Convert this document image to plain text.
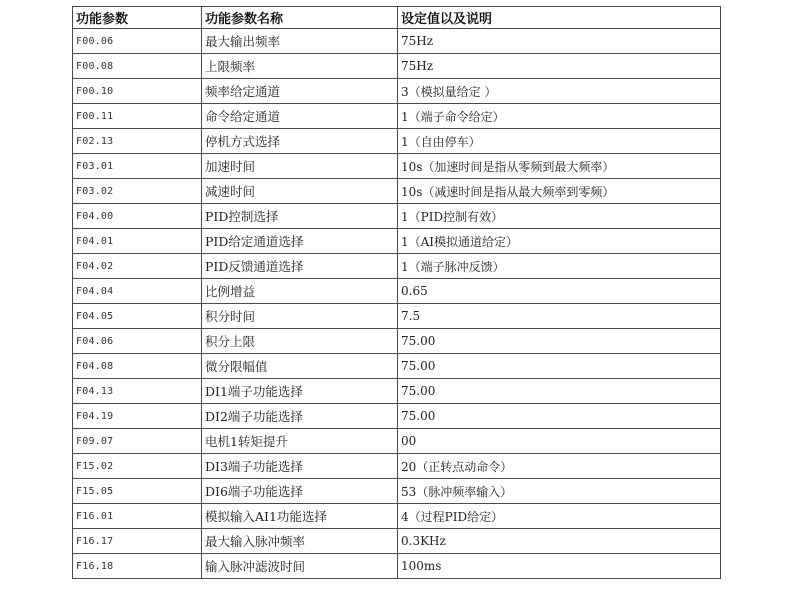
功能参数	功能参数名称	设定值以及说明
F00.06	最大输出频率	75Hz
F00.08	上限频率	75Hz
F00.10	频率给定通道	3（模拟量给定 ）
F00.11	命令给定通道	1（端子命令给定）
F02.13	停机方式选择	1（自由停车）
F03.01	加速时间	10s（加速时间是指从零频到最大频率）
F03.02	减速时间	10s（减速时间是指从最大频率到零频）
F04.00	PID控制选择	1（PID控制有效）
F04.01	PID给定通道选择	1（AI模拟通道给定）
F04.02	PID反馈通道选择	1（端子脉冲反馈）
F04.04	比例增益	0.65
F04.05	积分时间	7.5
F04.06	积分上限	75.00
F04.08	微分限幅值	75.00
F04.13	DI1端子功能选择	75.00
F04.19	DI2端子功能选择	75.00
F09.07	电机1转矩提升	00
F15.02	DI3端子功能选择	20（正转点动命令）
F15.05	DI6端子功能选择	53（脉冲频率输入）
F16.01	模拟输入AI1功能选择	4（过程PID给定）
F16.17	最大输入脉冲频率	0.3KHz
F16.18	输入脉冲滤波时间	100ms
